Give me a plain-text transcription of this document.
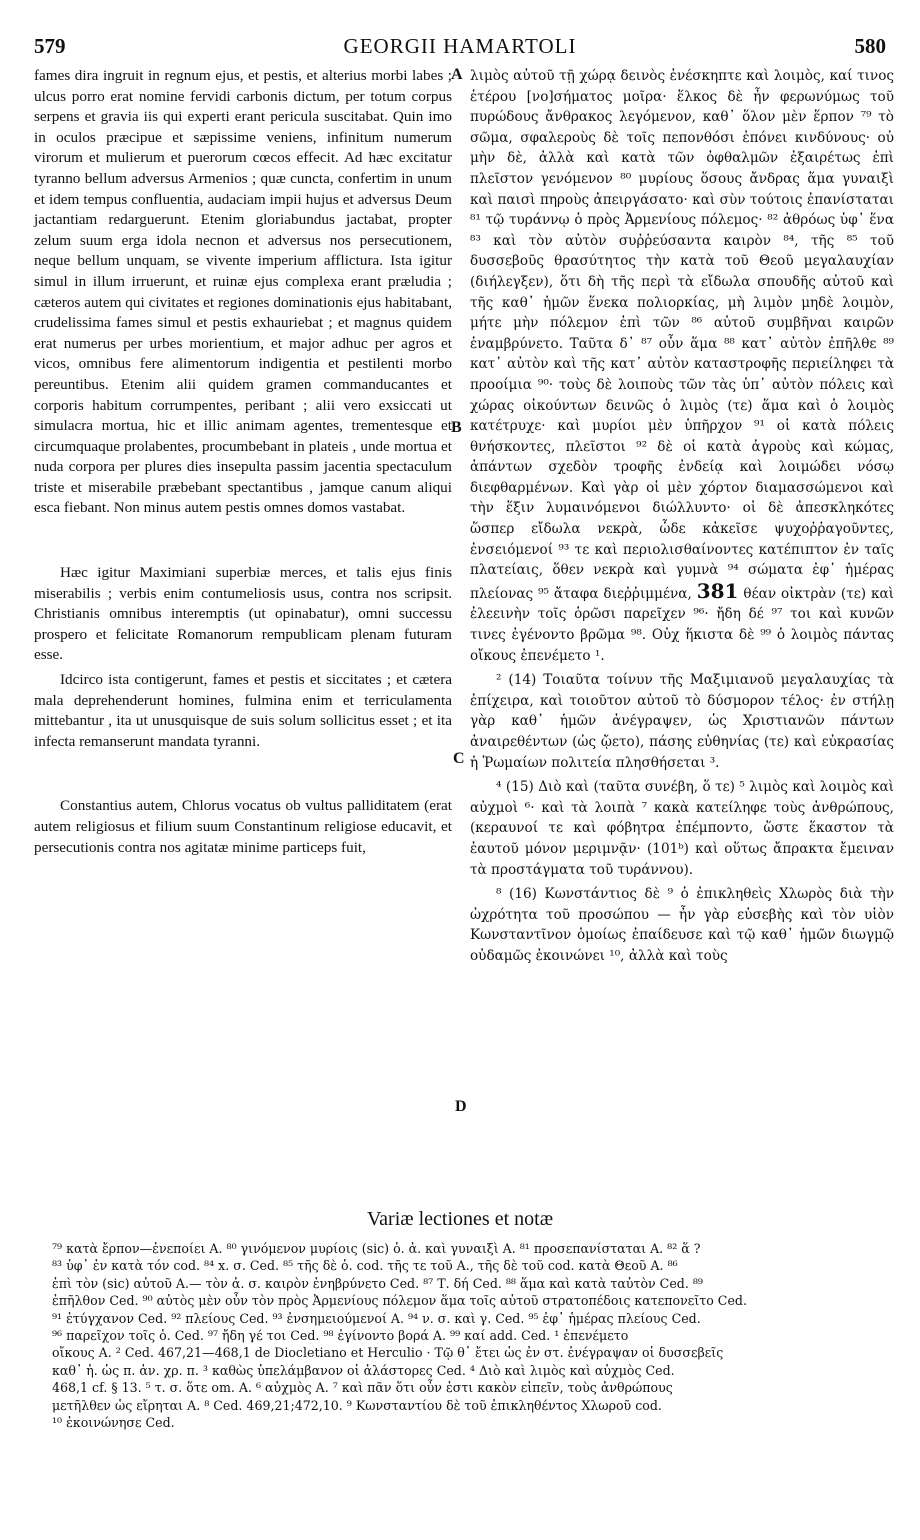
579	GEORGII HAMARTOLI	580
A
B
C
D

fames dira ingruit in regnum ejus, et pestis, et alterius morbi labes ; ulcus porro erat nomine fervidi carbonis dictum, per totum corpus serpens et gravia iis qui experti erant pericula suscitabat. Quin imo in oculos præcipue et sæpissime veniens, infinitum numerum virorum et mulierum et puerorum cœcos effecit. Ad hæc excitatur tyranno bellum adversus Armenios ; quæ cuncta, confertim in unum et idem tempus confluentia, audaciam impii hujus et adversus Deum jactantiam redarguerunt. Etenim gloriabundus jactabat, propter zelum suum erga idola necnon et adversus nos persecutionem, neque bellum unquam, se vivente imperium afflictura. Ista igitur simul in illum irruerunt, et ruinæ ejus complexa erant præludia ; cæteros autem qui civitates et regiones dominationis ejus habitabant, crudelissima fames simul et pestis exhauriebat ; et magnus quidem erat numerus per urbes morientium, et major adhuc per agros et vicos, omnibus fere alimentorum indigentia et pestilenti morbo pereuntibus. Etenim alii quidem gramen commanducantes et corporis habitum corrumpentes, peribant ; alii vero exsiccati ut simulacra mortua, hic et illic animam agentes, trementesque et circumquaque prolabentes, procumbebant in plateis , unde mortua et nuda corpora per plures dies insepulta passim jacentia spectaculum triste et miserabile præbebant spectantibus , jamque canum aliqui esca fiebant. Non minus autem pestis omnes domos vastabat.

Hæc igitur Maximiani superbiæ merces, et talis ejus finis miserabilis ; verbis enim contumeliosis usus, contra nos scripsit. Christianis omnibus interemptis (ut opinabatur), omni successu prospero et felicitate Romanorum rempublicam plenam futuram esse.

Idcirco ista contigerunt, fames et pestis et siccitates ; et cætera mala deprehenderunt homines, fulmina enim et terriculamenta mittebantur , ita ut unusquisque de suis solum sollicitus esset ; et ita infecta remanserunt mandata tyranni.

Constantius autem, Chlorus vocatus ob vultus palliditatem (erat autem religiosus et filium suum Constantinum religiose educavit, et persecutionis contra nos agitatæ minime particeps fuit,

λιμὸς αὐτοῦ τῇ χώρᾳ δεινὸς ἐνέσκηπτε καὶ λοιμὸς, καί τινος ἑτέρου [νο]σήματος μοῖρα· ἕλκος δὲ ἦν φερωνύμως τοῦ πυρώδους ἄνθρακος λεγόμενον, καθ᾽ ὅλον μὲν ἕρπον ⁷⁹ τὸ σῶμα, σφαλεροὺς δὲ τοῖς πεπονθόσι ἐπόνει κινδύνους· οὐ μὴν δὲ, ἀλλὰ καὶ κατὰ τῶν ὀφθαλμῶν ἐξαιρέτως ἐπὶ πλεῖστον γενόμενον ⁸⁰ μυρίους ὅσους ἄνδρας ἅμα γυναιξὶ καὶ παισὶ πηροὺς ἀπειργάσατο· καὶ σὺν τούτοις ἐπανίσταται ⁸¹ τῷ τυράννῳ ὁ πρὸς Ἀρμενίους πόλεμος· ⁸² ἀθρόως ὑφ᾽ ἕνα ⁸³ καὶ τὸν αὐτὸν συῤῥεύσαντα καιρὸν ⁸⁴, τῆς ⁸⁵ τοῦ δυσσεβοῦς θρασύτητος τὴν κατὰ τοῦ Θεοῦ μεγαλαυχίαν (διήλεγξεν), ὅτι δὴ τῆς περὶ τὰ εἴδωλα σπουδῆς αὐτοῦ καὶ τῆς καθ᾽ ἡμῶν ἕνεκα πολιορκίας, μὴ λιμὸν μηδὲ λοιμὸν, μήτε μὴν πόλεμον ἐπὶ τῶν ⁸⁶ αὐτοῦ συμβῆναι καιρῶν ἐναμβρύνετο. Ταῦτα δ᾽ ⁸⁷ οὖν ἅμα ⁸⁸ κατ᾽ αὐτὸν ἐπῆλθε ⁸⁹ κατ᾽ αὐτὸν καὶ τῆς κατ᾽ αὐτὸν καταστροφῆς περιείληφει τὰ προοίμια ⁹⁰· τοὺς δὲ λοιποὺς τῶν τὰς ὑπ᾽ αὐτὸν πόλεις καὶ χώρας οἰκούντων δεινῶς ὁ λιμὸς (τε) ἅμα καὶ ὁ λοιμὸς κατέτρυχε· καὶ μυρίοι μὲν ὑπῆρχον ⁹¹ οἱ κατὰ πόλεις θνήσκοντες, πλεῖστοι ⁹² δὲ οἱ κατὰ ἀγροὺς καὶ κώμας, ἁπάντων σχεδὸν τροφῆς ἐνδείᾳ καὶ λοιμώδει νόσῳ διεφθαρμένων. Καὶ γὰρ οἱ μὲν χόρτον διαμασσώμενοι καὶ τὴν ἕξιν λυμαινόμενοι διώλλυντο· οἱ δὲ ἀπεσκληκότες ὥσπερ εἴδωλα νεκρὰ, ὧδε κἀκεῖσε ψυχοῤῥαγοῦντες, ἐνσειόμενοί ⁹³ τε καὶ περιολισθαίνοντες κατέπιπτον ἐν ταῖς πλατείαις, ὅθεν νεκρὰ καὶ γυμνὰ ⁹⁴ σώματα ἐφ᾽ ἡμέρας πλείονας ⁹⁵ ἄταφα διεῤῥιμμένα, 381 θέαν οἰκτρὰν (τε) καὶ ἐλεεινὴν τοῖς ὁρῶσι παρεῖχεν ⁹⁶· ἤδη δέ ⁹⁷ τοι καὶ κυνῶν τινες ἐγένοντο βρῶμα ⁹⁸. Οὐχ ἥκιστα δὲ ⁹⁹ ὁ λοιμὸς πάντας οἴκους ἐπενέμετο ¹.

² (14) Τοιαῦτα τοίνυν τῆς Μαξιμιανοῦ μεγαλαυχίας τὰ ἐπίχειρα, καὶ τοιοῦτον αὐτοῦ τὸ δύσμορον τέλος· ἐν στήλῃ γὰρ καθ᾽ ἡμῶν ἀνέγραψεν, ὡς Χριστιανῶν πάντων ἀναιρεθέντων (ὡς ᾤετο), πάσης εὐθηνίας (τε) καὶ εὐκρασίας ἡ Ῥωμαίων πολιτεία πλησθήσεται ³.

⁴ (15) Διὸ καὶ (ταῦτα συνέβη, ὅ τε) ⁵ λιμὸς καὶ λοιμὸς καὶ αὐχμοὶ ⁶· καὶ τὰ λοιπὰ ⁷ κακὰ κατείληφε τοὺς ἀνθρώπους, (κεραυνοί τε καὶ φόβητρα ἐπέμποντο, ὥστε ἕκαστον τὰ ἑαυτοῦ μόνον μεριμνᾷν· (101ᵇ) καὶ οὕτως ἄπρακτα ἔμειναν τὰ προστάγματα τοῦ τυράννου).

⁸ (16) Κωνστάντιος δὲ ⁹ ὁ ἐπικληθεὶς Χλωρὸς διὰ τὴν ὠχρότητα τοῦ προσώπου — ἦν γὰρ εὐσεβὴς καὶ τὸν υἱὸν Κωνσταντῖνον ὁμοίως ἐπαίδευσε καὶ τῷ καθ᾽ ἡμῶν διωγμῷ οὐδαμῶς ἐκοινώνει ¹⁰, ἀλλὰ καὶ τοὺς

Variæ lectiones et notæ
⁷⁹ κατὰ ἔρπον—ἐνεποίει A. ⁸⁰ γινόμενον μυρίοις (sic) ὁ. ἀ. καὶ γυναιξὶ A. ⁸¹ προσεπανίσταται A. ⁸² ἅ ?
⁸³ ὑφ᾽ ἐν κατὰ τόν cod. ⁸⁴ x. σ. Ced. ⁸⁵ τῆς δὲ ὁ. cod. τῆς τε τοῦ A., τῆς δὲ τοῦ cod. κατὰ Θεοῦ A. ⁸⁶
ἐπὶ τὸν (sic) αὐτοῦ A.— τὸν ἀ. σ. καιρὸν ἐνηβρύνετο Ced. ⁸⁷ Τ. δή Ced. ⁸⁸ ἅμα καὶ κατὰ ταὐτὸν Ced. ⁸⁹
ἐπῆλθον Ced. ⁹⁰ αὐτὸς μὲν οὖν τὸν πρὸς Ἀρμενίους πόλεμον ἅμα τοῖς αὐτοῦ στρατοπέδοις κατεπονεῖτο Ced.
⁹¹ ἐτύγχανον Ced. ⁹² πλείους Ced. ⁹³ ἐνσημειούμενοί A. ⁹⁴ ν. σ. καὶ γ. Ced. ⁹⁵ ἐφ᾽ ἡμέρας πλείους Ced.
⁹⁶ παρεῖχον τοῖς ὁ. Ced. ⁹⁷ ἤδη γέ τοι Ced. ⁹⁸ ἐγίνοντο βορά A. ⁹⁹ καί add. Ced. ¹ ἐπενέμετο
οἴκους A. ² Ced. 467,21—468,1 de Diocletiano et Herculio · Τῷ θ᾽ ἔτει ὡς ἐν στ. ἐνέγραψαν οἱ δυσσεβεῖς
καθ᾽ ἡ. ὡς π. ἀν. χρ. π. ³ καθὼς ὑπελάμβανον οἱ ἀλάστορες Ced. ⁴ Διὸ καὶ λιμὸς καὶ αὐχμὸς Ced.
468,1 cf. § 13. ⁵ τ. σ. ὅτε om. A. ⁶ αὐχμὸς A. ⁷ καὶ πᾶν ὅτι οὖν ἐστι κακὸν εἰπεῖν, τοὺς ἀνθρώπους
μετῆλθεν ὡς εἴρηται A. ⁸ Ced. 469,21;472,10. ⁹ Κωνσταντίου δὲ τοῦ ἐπικληθέντος Χλωροῦ cod.
¹⁰ ἐκοινώνησε Ced.
